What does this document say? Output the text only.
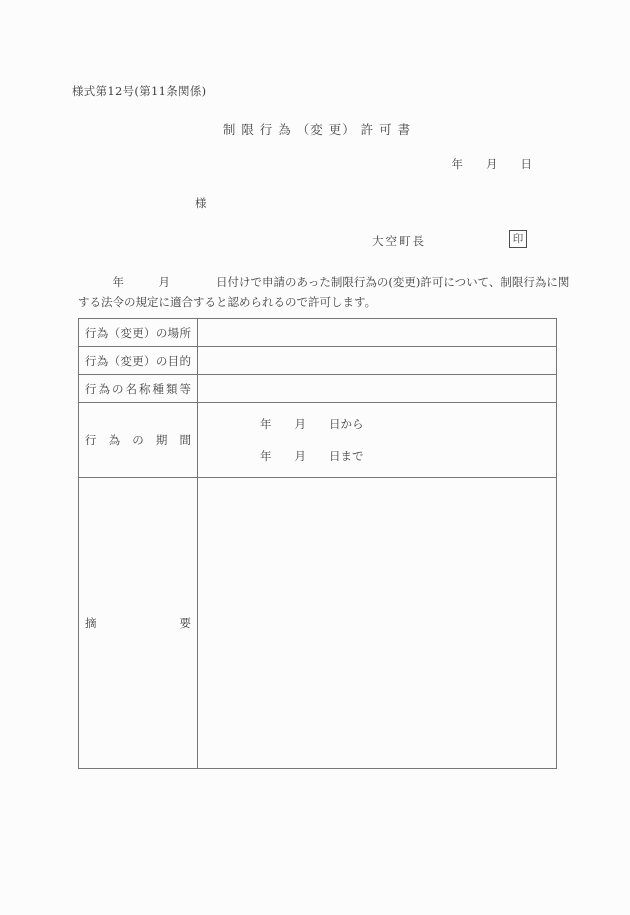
様式第12号(第11条関係)
制 限 行 為 （変 更） 許 可 書
年　　月　　日
様
大空町長	印
　　　年　　　月　　　　日付けで申請のあった制限行為の(変更)許可について、制限行為に関
する法令の規定に適合すると認められるので許可します。
行為（変更）の場所	
行為（変更）の目的	
行為の名称種類等	
行　為　の　期　間	年　　月　　日から
年　　月　　日まで

摘　　　　　　　要	
